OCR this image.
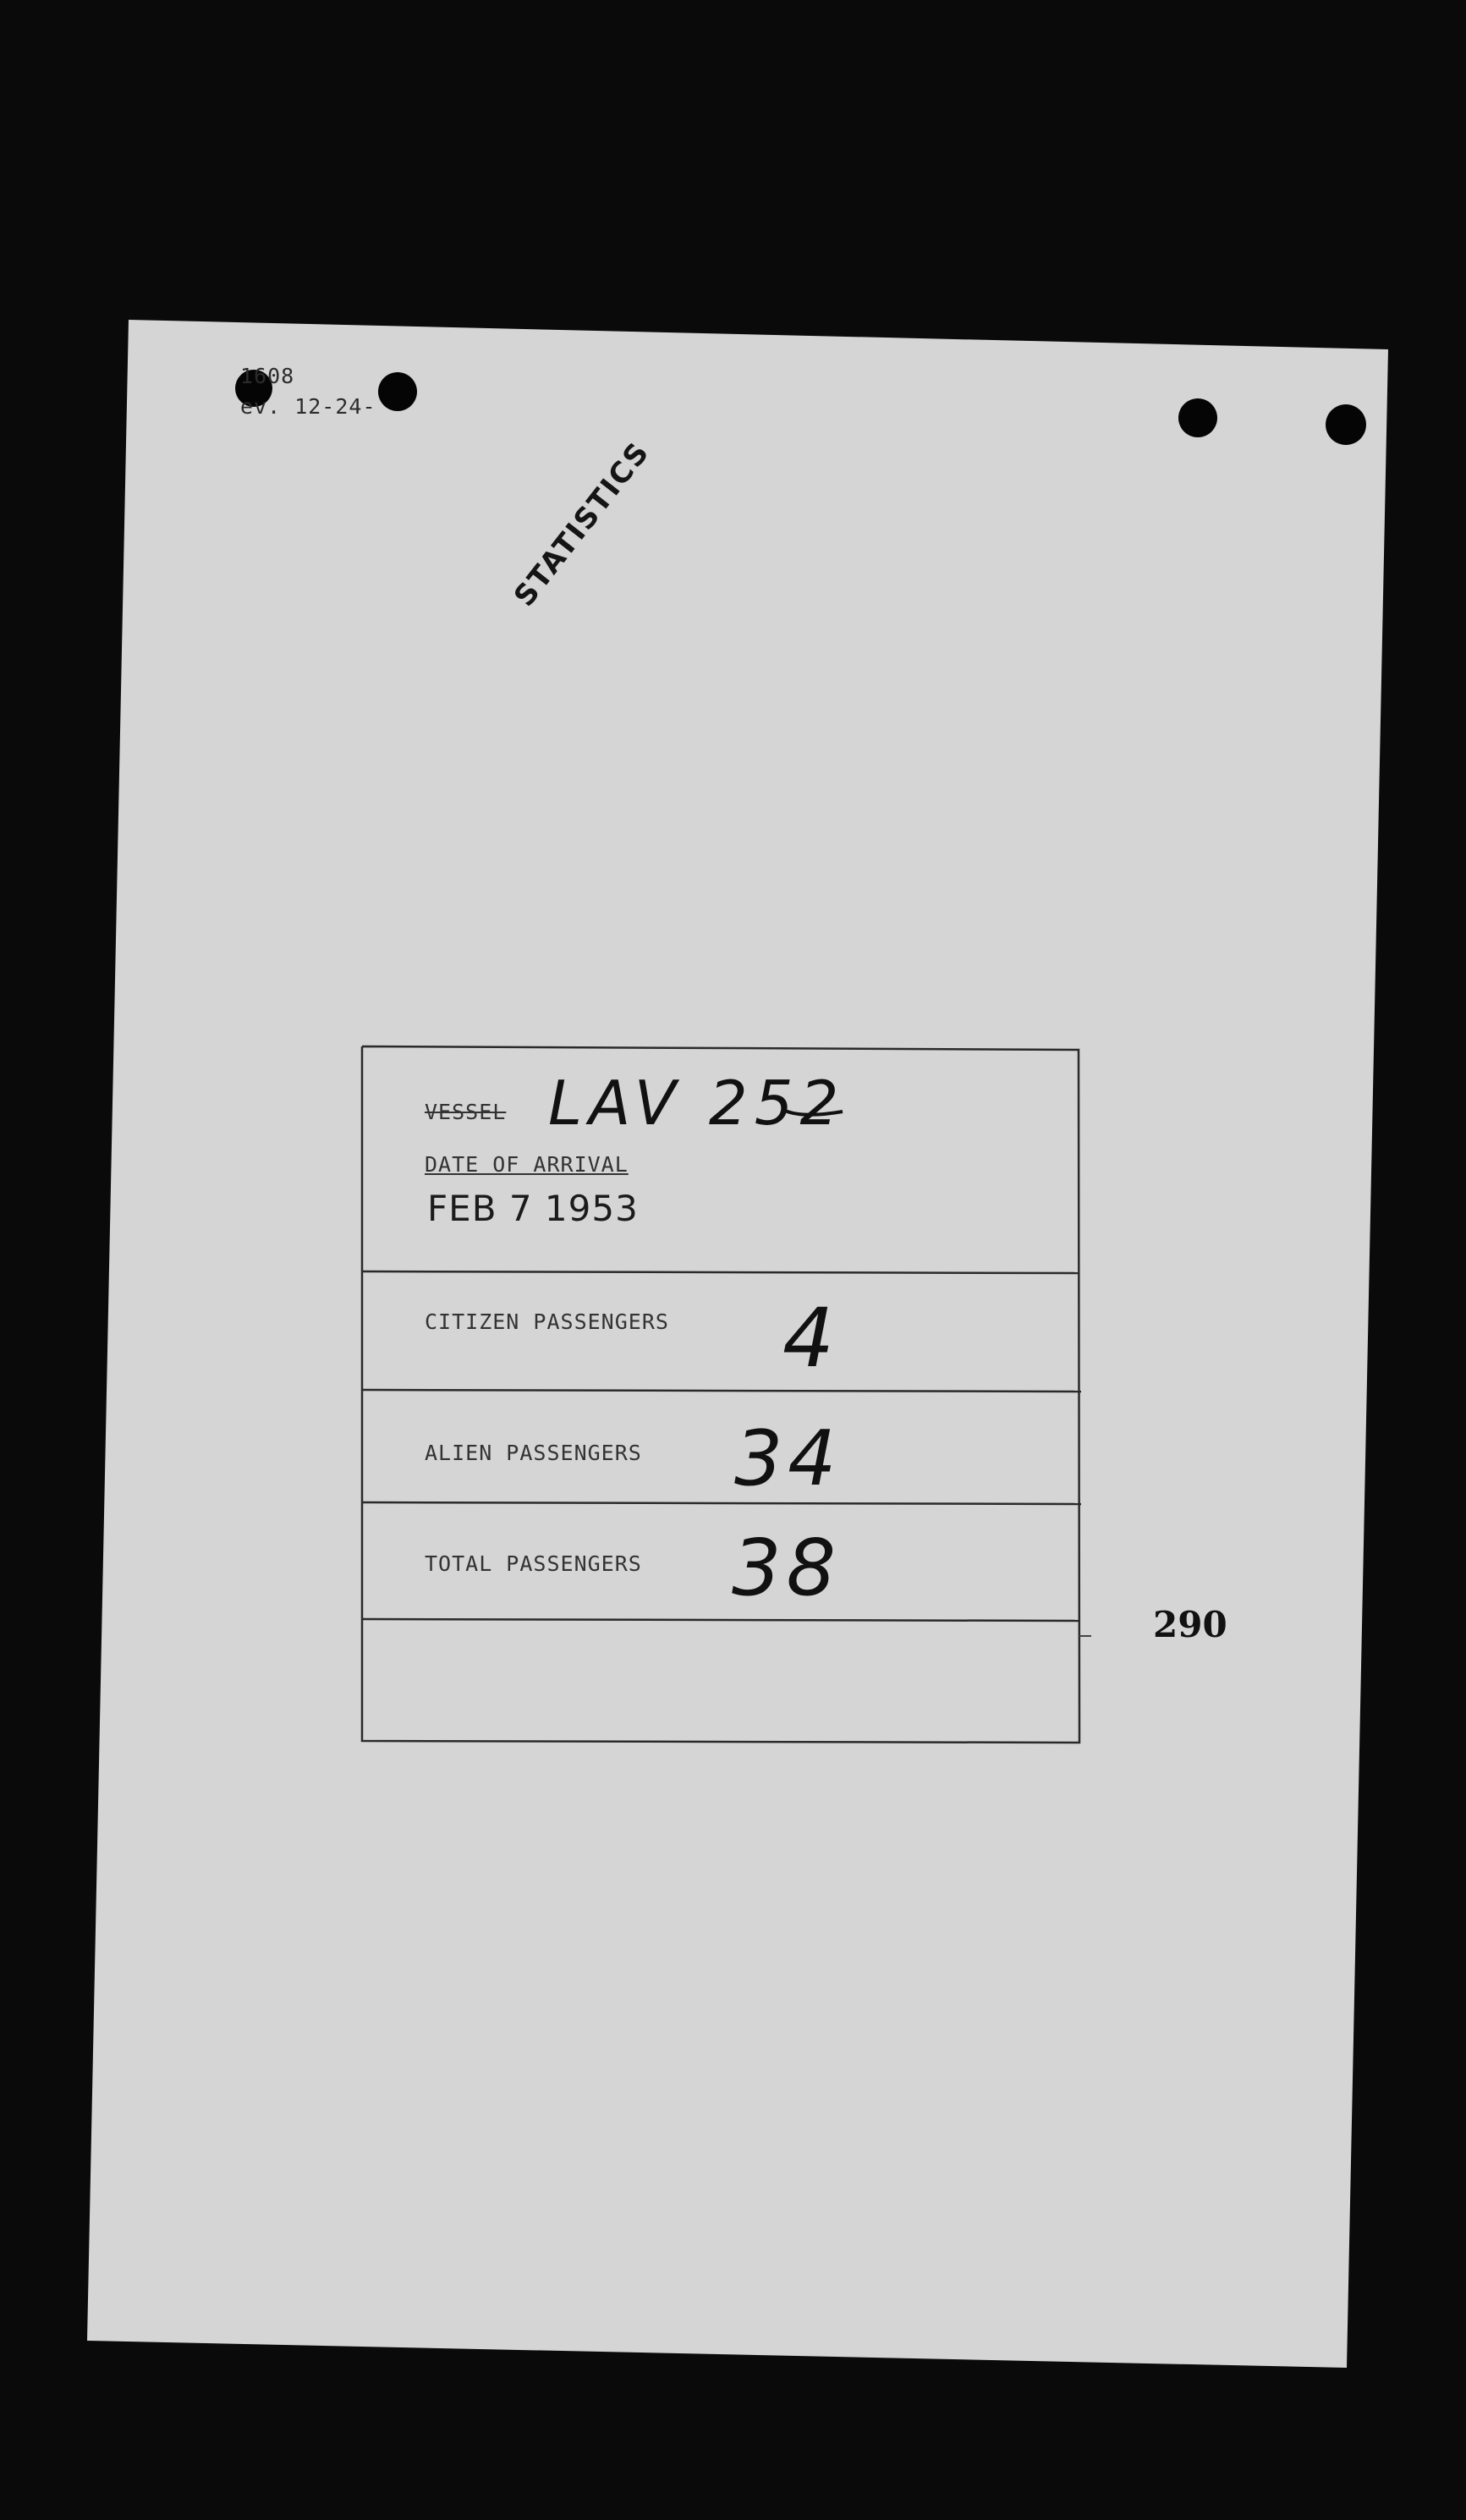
1608
ev. 12-24-
STATISTICS
VESSEL LAV 252
DATE OF ARRIVAL
FEB 7 1953
CITIZEN PASSENGERS 4
ALIEN PASSENGERS 34
TOTAL PASSENGERS 38
290
